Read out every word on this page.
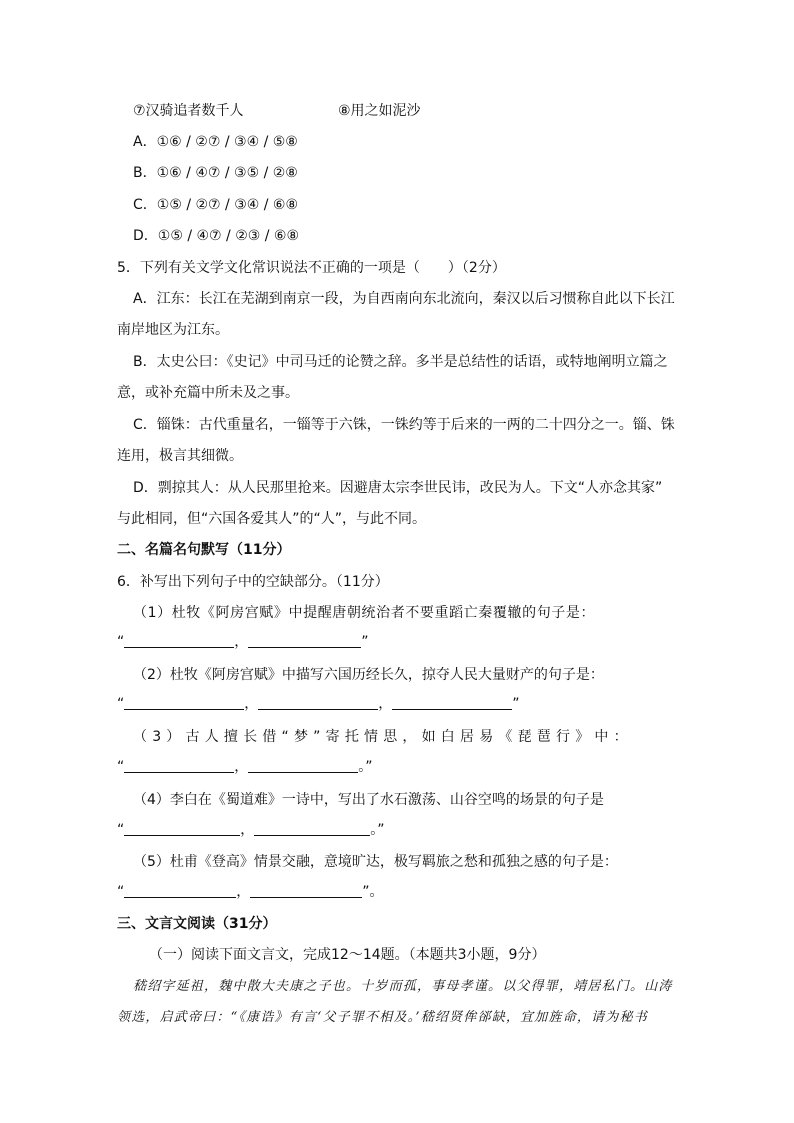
⑦汉骑追者数千人	⑧用之如泥沙
A．①⑥ / ②⑦ / ③④ / ⑤⑧
B．①⑥ / ④⑦ / ③⑤ / ②⑧
C．①⑤ / ②⑦ / ③④ / ⑥⑧
D．①⑤ / ④⑦ / ②③ / ⑥⑧
5．下列有关文学文化常识说法不正确的一项是（　　）（2分）
A．江东：长江在芜湖到南京一段，为自西南向东北流向，秦汉以后习惯称自此以下长江
南岸地区为江东。
B．太史公曰：《史记》中司马迁的论赞之辞。多半是总结性的话语，或特地阐明立篇之
意，或补充篇中所未及之事。
C．锱铢：古代重量名，一锱等于六铢，一铢约等于后来的一两的二十四分之一。锱、铢
连用，极言其细微。
D．剽掠其人：从人民那里抢来。因避唐太宗李世民讳，改民为人。下文“人亦念其家”
与此相同，但“六国各爱其人”的“人”，与此不同。
二、名篇名句默写（11分）
6．补写出下列句子中的空缺部分。（11分）
（1）杜牧《阿房宫赋》中提醒唐朝统治者不要重蹈亡秦覆辙的句子是：
“	，	”
（2）杜牧《阿房宫赋》中描写六国历经长久，掠夺人民大量财产的句子是：
“	，	，	”
（3）古人擅长借“梦”寄托情思，如白居易《琵琶行》中：
“	，	。”
（4）李白在《蜀道难》一诗中，写出了水石激荡、山谷空鸣的场景的句子是
“	，	。”
（5）杜甫《登高》情景交融，意境旷达，极写羁旅之愁和孤独之感的句子是：
“	，	”。
三、文言文阅读（31分）
（一）阅读下面文言文，完成12～14题。（本题共3小题，9分）
嵇绍字延祖，魏中散大夫康之子也。十岁而孤，事母孝谨。以父得罪，靖居私门。山涛
领选，启武帝曰：“《康诰》有言‘父子罪不相及。’嵇绍贤侔郤缺，宜加旌命，请为秘书
